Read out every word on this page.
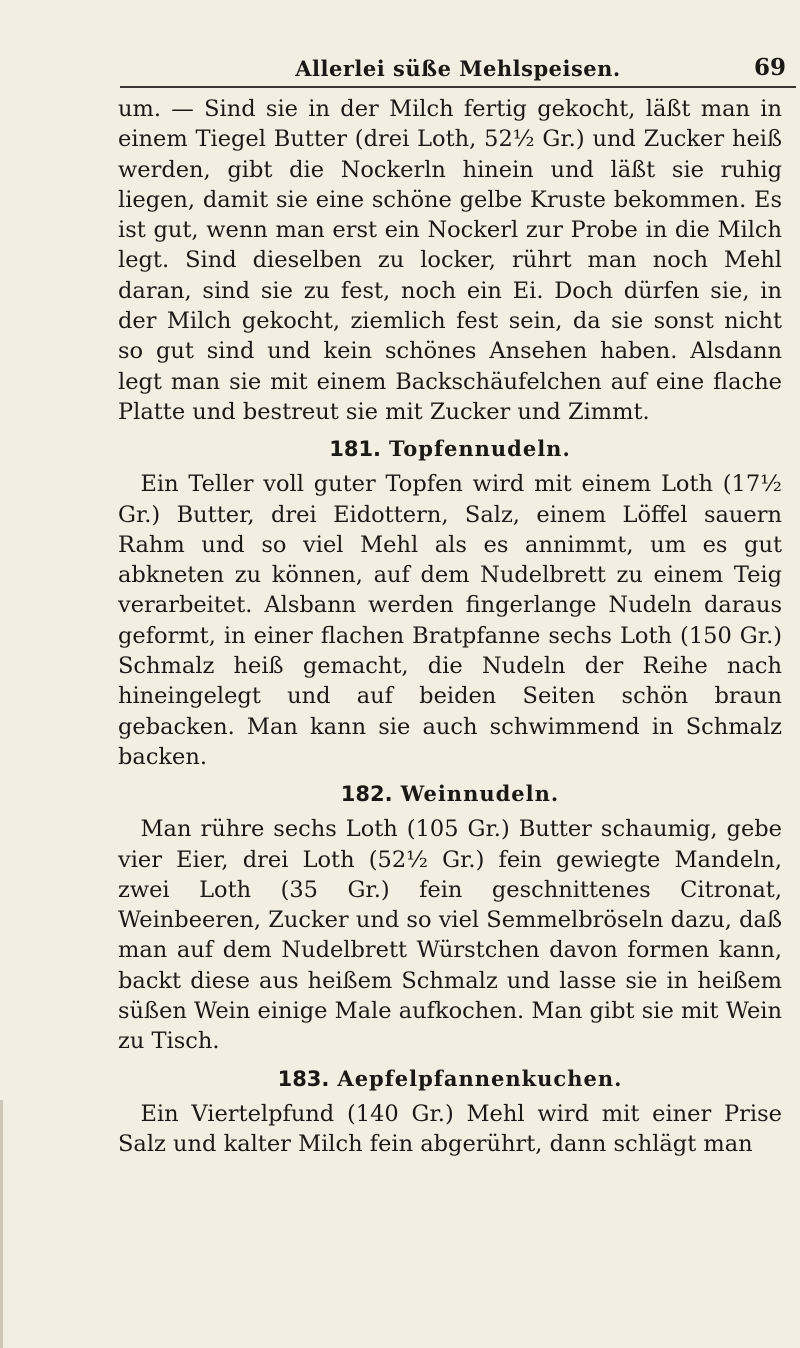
Allerlei süße Mehlspeisen.	69

um. — Sind sie in der Milch fertig gekocht, läßt man in einem Tiegel Butter (drei Loth, 52½ Gr.) und Zucker heiß werden, gibt die Nockerln hinein und läßt sie ruhig liegen, damit sie eine schöne gelbe Kruste bekommen. Es ist gut, wenn man erst ein Nockerl zur Probe in die Milch legt. Sind dieselben zu locker, rührt man noch Mehl daran, sind sie zu fest, noch ein Ei. Doch dürfen sie, in der Milch gekocht, ziemlich fest sein, da sie sonst nicht so gut sind und kein schönes Ansehen haben. Alsdann legt man sie mit einem Backschäufelchen auf eine flache Platte und bestreut sie mit Zucker und Zimmt.

181. Topfennudeln.

Ein Teller voll guter Topfen wird mit einem Loth (17½ Gr.) Butter, drei Eidottern, Salz, einem Löffel sauern Rahm und so viel Mehl als es annimmt, um es gut abkneten zu können, auf dem Nudelbrett zu einem Teig verarbeitet. Alsbann werden fingerlange Nudeln daraus geformt, in einer flachen Bratpfanne sechs Loth (150 Gr.) Schmalz heiß gemacht, die Nudeln der Reihe nach hineingelegt und auf beiden Seiten schön braun gebacken. Man kann sie auch schwimmend in Schmalz backen.

182. Weinnudeln.

Man rühre sechs Loth (105 Gr.) Butter schaumig, gebe vier Eier, drei Loth (52½ Gr.) fein gewiegte Mandeln, zwei Loth (35 Gr.) fein geschnittenes Citronat, Weinbeeren, Zucker und so viel Semmelbröseln dazu, daß man auf dem Nudelbrett Würstchen davon formen kann, backt diese aus heißem Schmalz und lasse sie in heißem süßen Wein einige Male aufkochen. Man gibt sie mit Wein zu Tisch.

183. Aepfelpfannenkuchen.

Ein Viertelpfund (140 Gr.) Mehl wird mit einer Prise Salz und kalter Milch fein abgerührt, dann schlägt man
